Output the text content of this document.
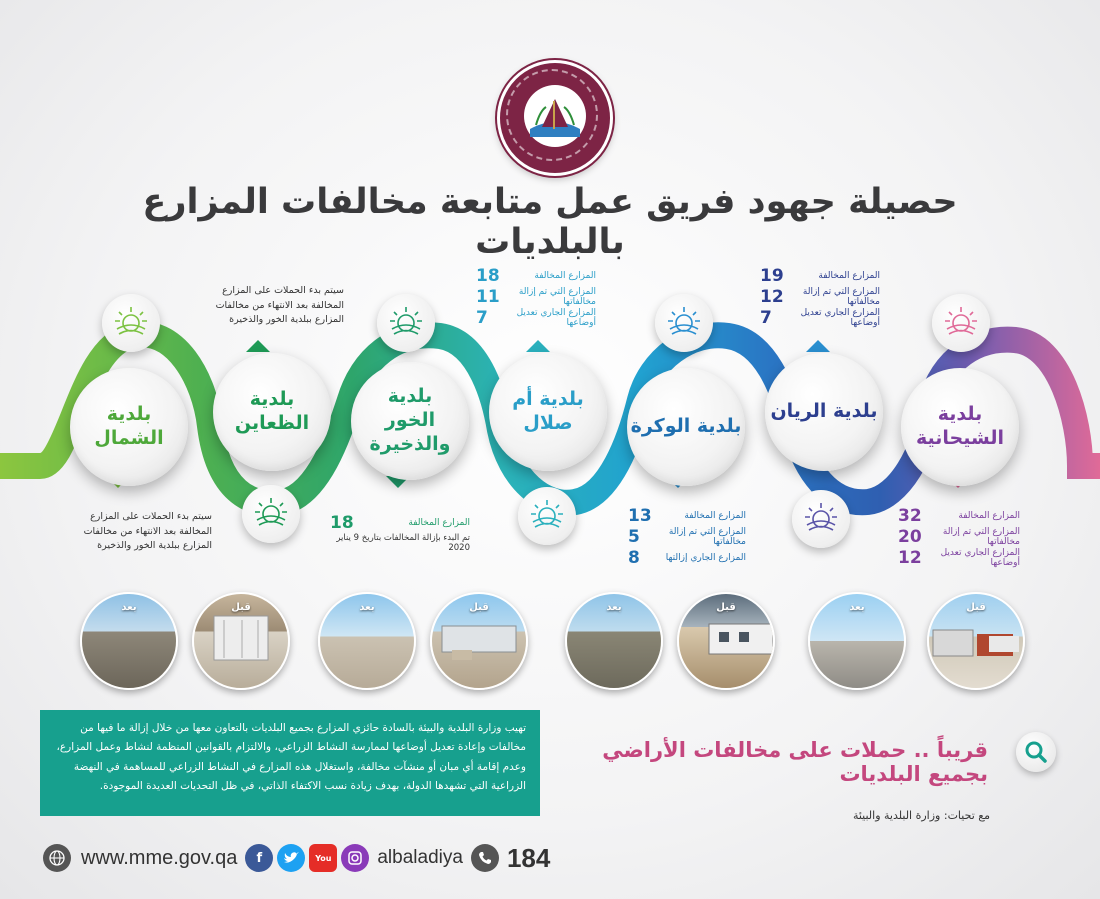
حصيلة جهود فريق عمل متابعة مخالفات المزارع بالبلديات
بلدية الشيحانية
بلدية الريان
بلدية الوكرة
بلدية أم صلال
بلدية
الخور والذخيرة
بلدية الظعاين
بلدية الشمال
المزارع المخالفة
19
المزارع التي تم إزالة مخالفاتها
12
المزارع الجاري تعديل أوضاعها
7
المزارع المخالفة
18
المزارع التي تم إزالة مخالفاتها
11
المزارع الجاري تعديل أوضاعها
7
سيتم بدء الحملات على المزارع المخالفة بعد الانتهاء من مخالفات المزارع ببلدية الخور والذخيرة
المزارع المخالفة
32
المزارع التي تم إزالة مخالفاتها
20
المزارع الجاري تعديل أوضاعها
12
المزارع المخالفة
13
المزارع التي تم إزالة مخالفاتها
5
المزارع الجاري إزالتها
8
المزارع المخالفة
18
تم البدء بإزالة المخالفات بتاريخ 9 يناير 2020
سيتم بدء الحملات على المزارع المخالفة بعد الانتهاء من مخالفات المزارع ببلدية الخور والذخيرة
قبل
بعد
قبل
بعد
قبل
بعد
قبل
بعد
تهيب وزارة البلدية والبيئة بالسادة حائزي المزارع بجميع البلديات بالتعاون معها من خلال إزالة ما فيها من مخالفات وإعادة تعديل أوضاعها لممارسة النشاط الزراعي، والالتزام بالقوانين المنظمة لنشاط وعمل المزارع، وعدم إقامة أي مبان أو منشآت مخالفة، واستغلال هذه المزارع في النشاط الزراعي للمساهمة في النهضة الزراعية التي تشهدها الدولة، بهدف زيادة نسب الاكتفاء الذاتي، في ظل التحديات العديدة الموجودة.
قريباً .. حملات على مخالفات الأراضي بجميع البلديات
مع تحيات: وزارة البلدية والبيئة
www.mme.gov.qa	f	You	albaladiya 184
